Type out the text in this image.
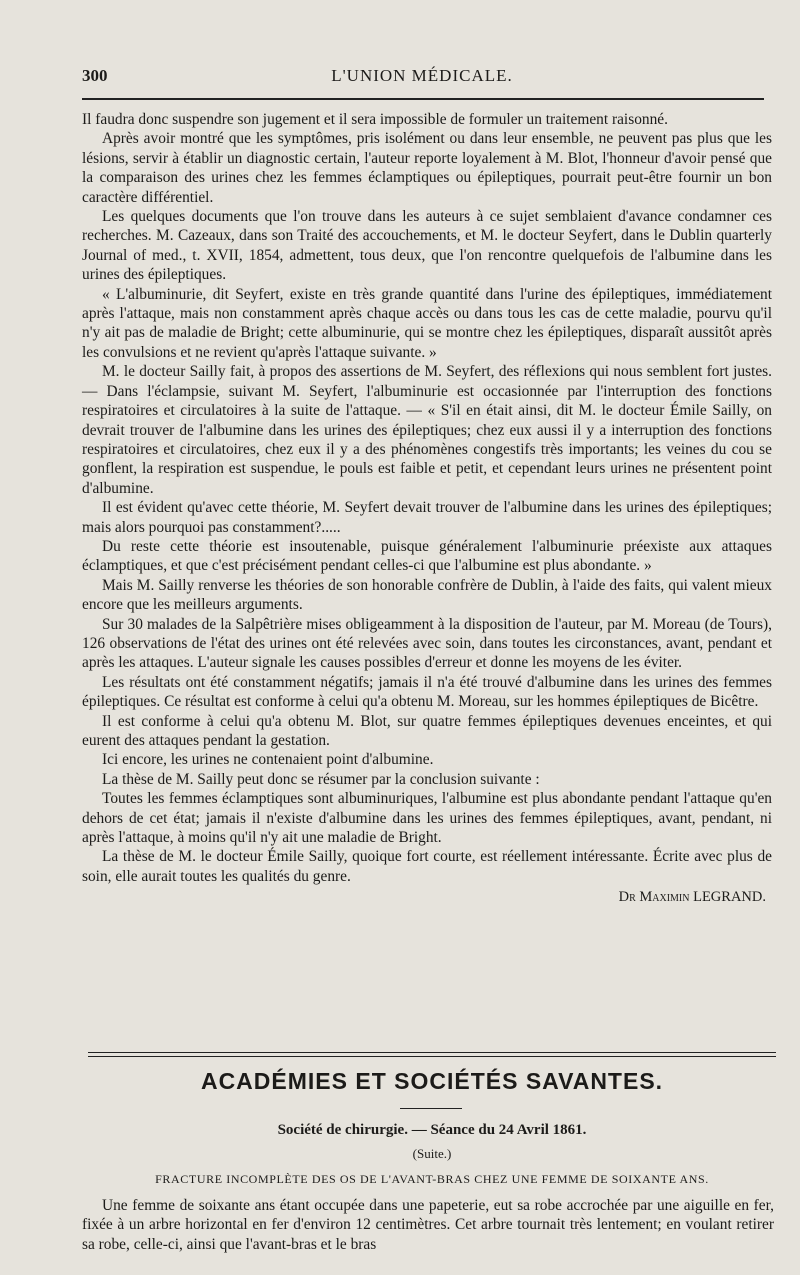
300	L'UNION MÉDICALE.

Il faudra donc suspendre son jugement et il sera impossible de formuler un traitement raisonné.

Après avoir montré que les symptômes, pris isolément ou dans leur ensemble, ne peuvent pas plus que les lésions, servir à établir un diagnostic certain, l'auteur reporte loyalement à M. Blot, l'honneur d'avoir pensé que la comparaison des urines chez les femmes éclamptiques ou épileptiques, pourrait peut-être fournir un bon caractère différentiel.

Les quelques documents que l'on trouve dans les auteurs à ce sujet semblaient d'avance condamner ces recherches. M. Cazeaux, dans son Traité des accouchements, et M. le docteur Seyfert, dans le Dublin quarterly Journal of med., t. XVII, 1854, admettent, tous deux, que l'on rencontre quelquefois de l'albumine dans les urines des épileptiques.

« L'albuminurie, dit Seyfert, existe en très grande quantité dans l'urine des épileptiques, immédiatement après l'attaque, mais non constamment après chaque accès ou dans tous les cas de cette maladie, pourvu qu'il n'y ait pas de maladie de Bright; cette albuminurie, qui se montre chez les épileptiques, disparaît aussitôt après les convulsions et ne revient qu'après l'attaque suivante. »

M. le docteur Sailly fait, à propos des assertions de M. Seyfert, des réflexions qui nous semblent fort justes. — Dans l'éclampsie, suivant M. Seyfert, l'albuminurie est occasionnée par l'interruption des fonctions respiratoires et circulatoires à la suite de l'attaque. — « S'il en était ainsi, dit M. le docteur Émile Sailly, on devrait trouver de l'albumine dans les urines des épileptiques; chez eux aussi il y a interruption des fonctions respiratoires et circulatoires, chez eux il y a des phénomènes congestifs très importants; les veines du cou se gonflent, la respiration est suspendue, le pouls est faible et petit, et cependant leurs urines ne présentent point d'albumine.

Il est évident qu'avec cette théorie, M. Seyfert devait trouver de l'albumine dans les urines des épileptiques; mais alors pourquoi pas constamment?.....

Du reste cette théorie est insoutenable, puisque généralement l'albuminurie préexiste aux attaques éclamptiques, et que c'est précisément pendant celles-ci que l'albumine est plus abondante. »

Mais M. Sailly renverse les théories de son honorable confrère de Dublin, à l'aide des faits, qui valent mieux encore que les meilleurs arguments.

Sur 30 malades de la Salpêtrière mises obligeamment à la disposition de l'auteur, par M. Moreau (de Tours), 126 observations de l'état des urines ont été relevées avec soin, dans toutes les circonstances, avant, pendant et après les attaques. L'auteur signale les causes possibles d'erreur et donne les moyens de les éviter.

Les résultats ont été constamment négatifs; jamais il n'a été trouvé d'albumine dans les urines des femmes épileptiques. Ce résultat est conforme à celui qu'a obtenu M. Moreau, sur les hommes épileptiques de Bicêtre.

Il est conforme à celui qu'a obtenu M. Blot, sur quatre femmes épileptiques devenues enceintes, et qui eurent des attaques pendant la gestation.

Ici encore, les urines ne contenaient point d'albumine.

La thèse de M. Sailly peut donc se résumer par la conclusion suivante :

Toutes les femmes éclamptiques sont albuminuriques, l'albumine est plus abondante pendant l'attaque qu'en dehors de cet état; jamais il n'existe d'albumine dans les urines des femmes épileptiques, avant, pendant, ni après l'attaque, à moins qu'il n'y ait une maladie de Bright.

La thèse de M. le docteur Émile Sailly, quoique fort courte, est réellement intéressante. Écrite avec plus de soin, elle aurait toutes les qualités du genre.

Dr Maximin LEGRAND.
ACADÉMIES ET SOCIÉTÉS SAVANTES.
Société de chirurgie. — Séance du 24 Avril 1861.
(Suite.)
FRACTURE INCOMPLÈTE DES OS DE L'AVANT-BRAS CHEZ UNE FEMME DE SOIXANTE ANS.

Une femme de soixante ans étant occupée dans une papeterie, eut sa robe accrochée par une aiguille en fer, fixée à un arbre horizontal en fer d'environ 12 centimètres. Cet arbre tournait très lentement; en voulant retirer sa robe, celle-ci, ainsi que l'avant-bras et le bras
